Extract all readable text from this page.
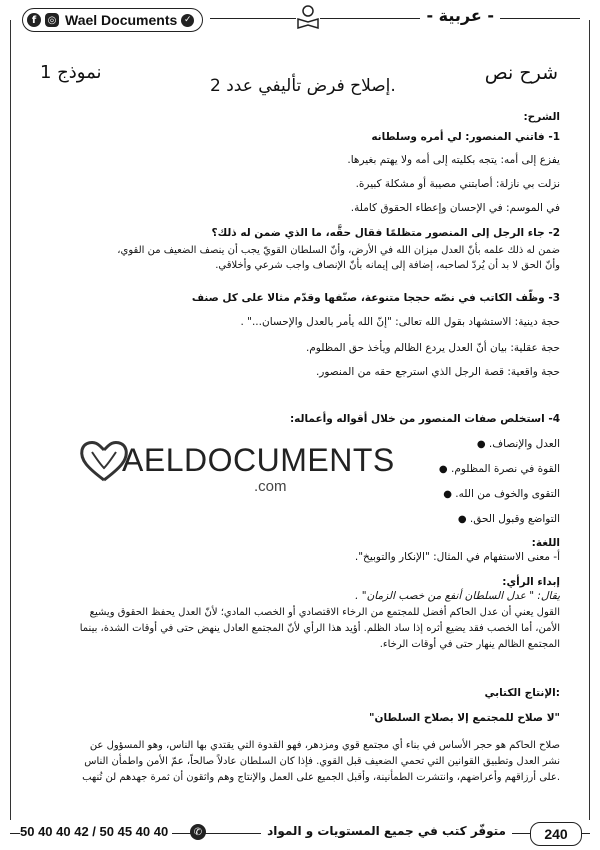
f	◎ Wael Documents ✓	- عربية -
نموذج 1
إصلاح فرض تأليفي عدد 2.
شرح نص
الشرح:
1- فاتني المنصور: لي أمره وسلطانه
يفزع إلى أمه: يتجه بكليته إلى أمه ولا يهتم بغيرها.
نزلت بي نازلة: أصابتني مصيبة أو مشكلة كبيرة.
في الموسم: في الإحسان وإعطاء الحقوق كاملة.
2- جاء الرجل إلى المنصور متظلمًا فقال حقَّه، ما الذي ضمن له ذلك؟
ضمن له ذلك علمه بأنّ العدل ميزان الله في الأرض، وأنّ السلطان القويّ يجب أن ينصف الضعيف من القوي،
وأنّ الحق لا بد أن يُردّ لصاحبه، إضافة إلى إيمانه بأنّ الإنصاف واجب شرعي وأخلاقي.
3- وظّف الكاتب في نصّه حججا متنوعة، صنّفها وقدّم مثالا على كل صنف
حجة دينية: الاستشهاد بقول الله تعالى: "إنّ الله يأمر بالعدل والإحسان..." .
حجة عقلية: بيان أنّ العدل يردع الظالم ويأخذ حق المظلوم.
حجة واقعية: قصة الرجل الذي استرجع حقه من المنصور.
4- استخلص صفات المنصور من خلال أقواله وأعماله:
العدل والإنصاف. ●
القوة في نصرة المظلوم. ●
التقوى والخوف من الله. ●
التواضع وقبول الحق. ●
AELDOCUMENTS
.com
اللغة:
أ- معنى الاستفهام في المثال: "الإنكار والتوبيخ".
إبداء الرأي:
يقال: " عدل السلطان أنفع من خصب الزمان" .
القول يعني أن عدل الحاكم أفضل للمجتمع من الرخاء الاقتصادي أو الخصب المادي؛ لأنّ العدل يحفظ الحقوق ويشيع
الأمن، أما الخصب فقد يضيع أثره إذا ساد الظلم. أؤيد هذا الرأي لأنّ المجتمع العادل ينهض حتى في أوقات الشدة، بينما
المجتمع الظالم ينهار حتى في أوقات الرخاء.
:الإنتاج الكتابي
"لا صلاح للمجتمع إلا بصلاح السلطان"
صلاح الحاكم هو حجر الأساس في بناء أي مجتمع قوي ومزدهر، فهو القدوة التي يقتدي بها الناس، وهو المسؤول عن
نشر العدل وتطبيق القوانين التي تحمي الضعيف قبل القوي. فإذا كان السلطان عادلاً صالحاً، عمّ الأمن واطمأن الناس
.على أرزاقهم وأعراضهم، وانتشرت الطمأنينة، وأقبل الجميع على العمل والإنتاج وهم واثقون أن ثمرة جهدهم لن تُنهب
50 40 40 42 / 50 45 40 40	✆	متوفّر كتب في جميع المستويات و المواد	240
